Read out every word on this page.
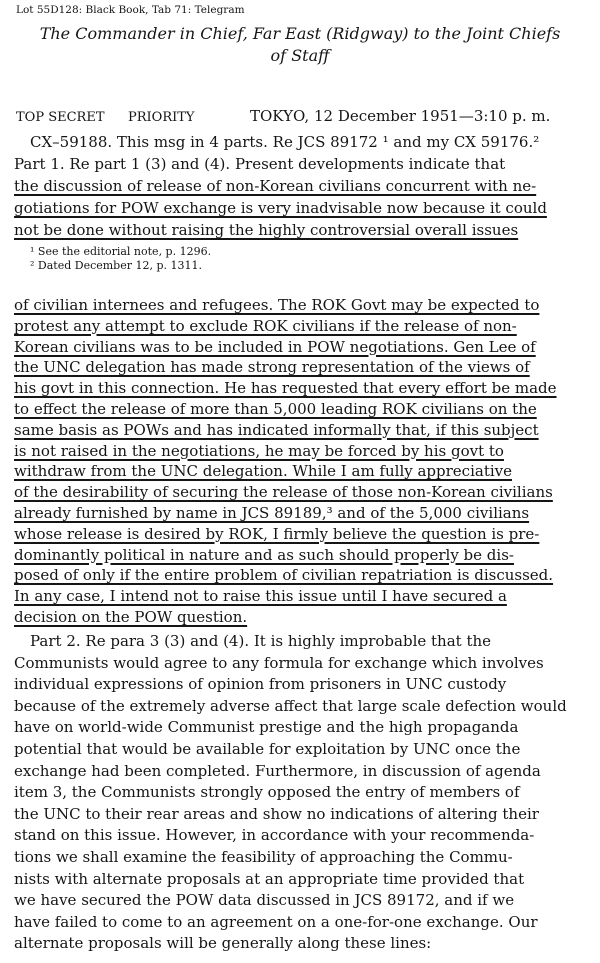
Lot 55D128: Black Book, Tab 71: Telegram
The Commander in Chief, Far East (Ridgway) to the Joint Chiefs
of Staff
TOP SECRET PRIORITY	TOKYO, 12 December 1951—3:10 p. m.
CX–59188. This msg in 4 parts. Re JCS 89172 ¹ and my CX 59176.²
Part 1. Re part 1 (3) and (4). Present developments indicate that
the discussion of release of non-Korean civilians concurrent with ne-
gotiations for POW exchange is very inadvisable now because it could
not be done without raising the highly controversial overall issues
¹ See the editorial note, p. 1296.
² Dated December 12, p. 1311.
of civilian internees and refugees. The ROK Govt may be expected to
protest any attempt to exclude ROK civilians if the release of non-
Korean civilians was to be included in POW negotiations. Gen Lee of
the UNC delegation has made strong representation of the views of
his govt in this connection. He has requested that every effort be made
to effect the release of more than 5,000 leading ROK civilians on the
same basis as POWs and has indicated informally that, if this subject
is not raised in the negotiations, he may be forced by his govt to
withdraw from the UNC delegation. While I am fully appreciative
of the desirability of securing the release of those non-Korean civilians
already furnished by name in JCS 89189,³ and of the 5,000 civilians
whose release is desired by ROK, I firmly believe the question is pre-
dominantly political in nature and as such should properly be dis-
posed of only if the entire problem of civilian repatriation is discussed.
In any case, I intend not to raise this issue until I have secured a
decision on the POW question.
Part 2. Re para 3 (3) and (4). It is highly improbable that the
Communists would agree to any formula for exchange which involves
individual expressions of opinion from prisoners in UNC custody
because of the extremely adverse affect that large scale defection would
have on world-wide Communist prestige and the high propaganda
potential that would be available for exploitation by UNC once the
exchange had been completed. Furthermore, in discussion of agenda
item 3, the Communists strongly opposed the entry of members of
the UNC to their rear areas and show no indications of altering their
stand on this issue. However, in accordance with your recommenda-
tions we shall examine the feasibility of approaching the Commu-
nists with alternate proposals at an appropriate time provided that
we have secured the POW data discussed in JCS 89172, and if we
have failed to come to an agreement on a one-for-one exchange. Our
alternate proposals will be generally along these lines:
